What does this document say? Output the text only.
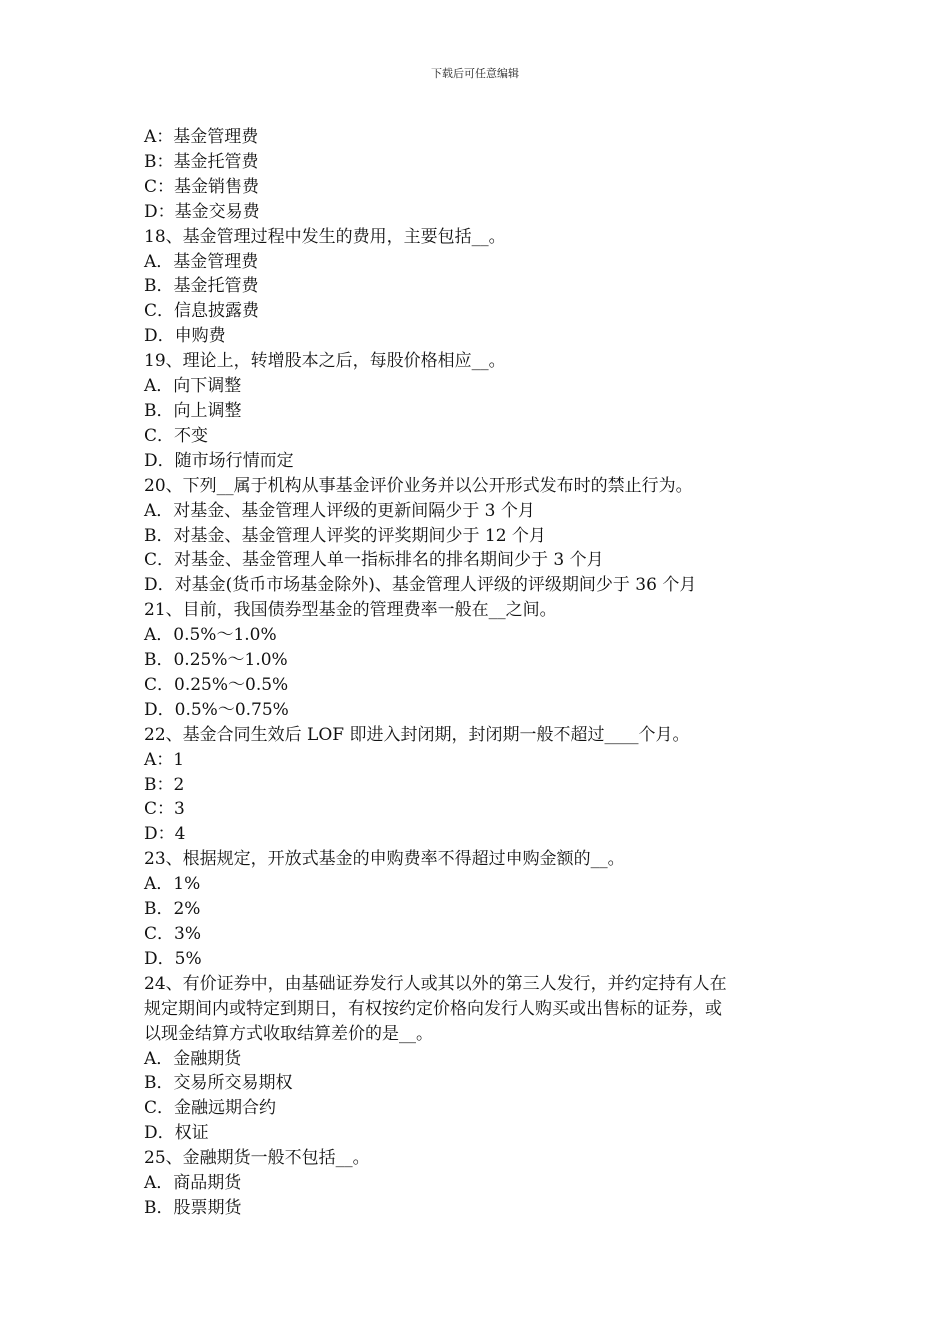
下载后可任意编辑

A：基金管理费

B：基金托管费

C：基金销售费

D：基金交易费

18、基金管理过程中发生的费用，主要包括__。

A．基金管理费

B．基金托管费

C．信息披露费

D．申购费

19、理论上，转增股本之后，每股价格相应__。

A．向下调整

B．向上调整

C．不变

D．随市场行情而定

20、下列__属于机构从事基金评价业务并以公开形式发布时的禁止行为。

A．对基金、基金管理人评级的更新间隔少于 3 个月

B．对基金、基金管理人评奖的评奖期间少于 12 个月

C．对基金、基金管理人单一指标排名的排名期间少于 3 个月

D．对基金(货币市场基金除外)、基金管理人评级的评级期间少于 36 个月

21、目前，我国债券型基金的管理费率一般在__之间。

A．0.5%～1.0%

B．0.25%～1.0%

C．0.25%～0.5%

D．0.5%～0.75%

22、基金合同生效后 LOF 即进入封闭期，封闭期一般不超过____个月。

A：1

B：2

C：3

D：4

23、根据规定，开放式基金的申购费率不得超过申购金额的__。

A．1%

B．2%

C．3%

D．5%

24、有价证券中，由基础证券发行人或其以外的第三人发行，并约定持有人在

规定期间内或特定到期日，有权按约定价格向发行人购买或出售标的证券，或

以现金结算方式收取结算差价的是__。

A．金融期货

B．交易所交易期权

C．金融远期合约

D．权证

25、金融期货一般不包括__。

A．商品期货

B．股票期货
